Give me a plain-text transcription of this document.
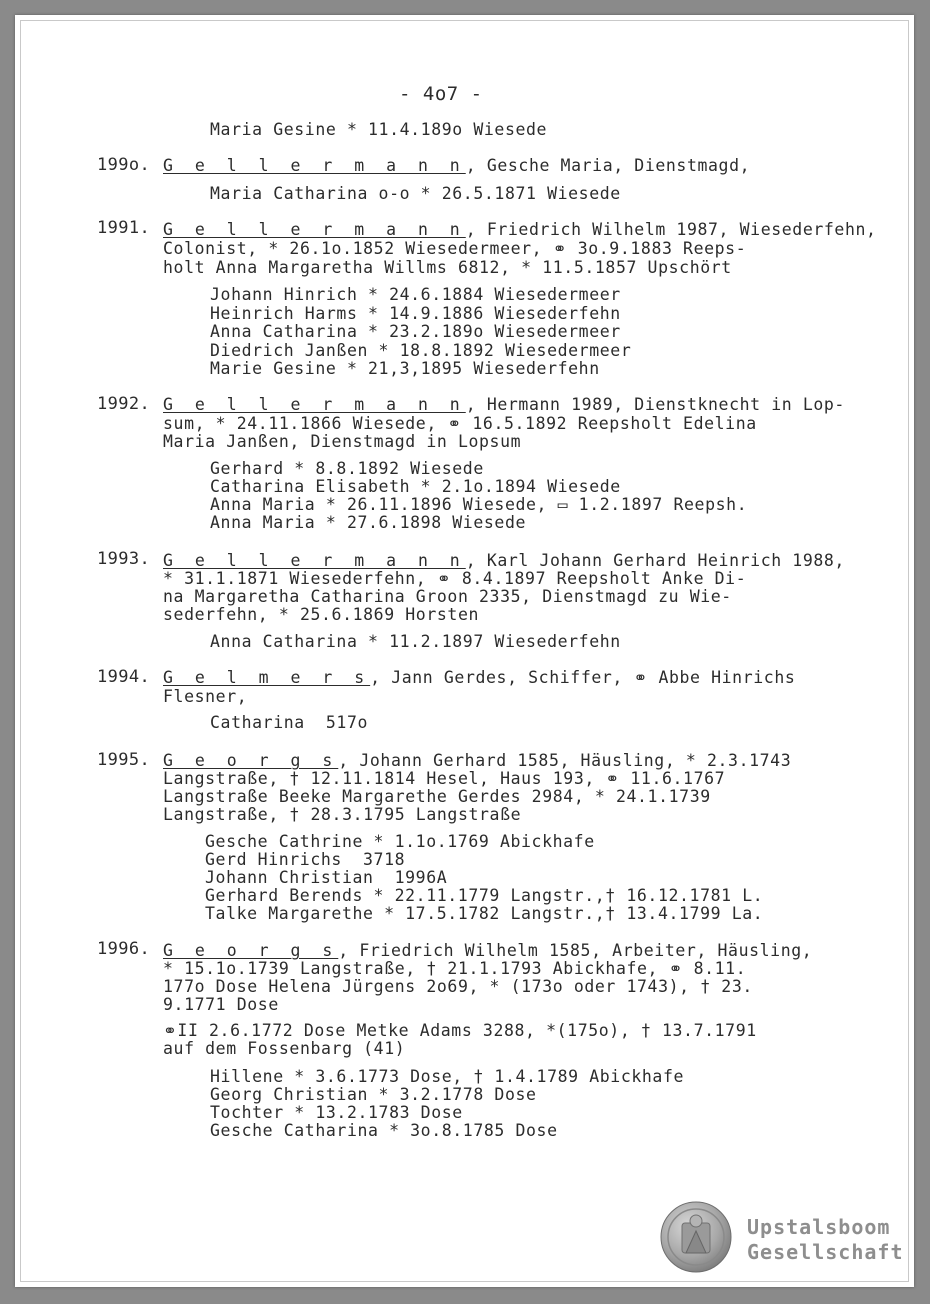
- 4o7 -
Maria Gesine * 11.4.189o Wiesede
199o. G e l l e r m a n n, Gesche Maria, Dienstmagd,
Maria Catharina o-o * 26.5.1871 Wiesede
1991. G e l l e r m a n n, Friedrich Wilhelm 1987, Wiesederfehn,
Colonist, * 26.1o.1852 Wiesedermeer, ⚭ 3o.9.1883 Reeps-
holt Anna Margaretha Willms 6812, * 11.5.1857 Upschört
Johann Hinrich * 24.6.1884 Wiesedermeer
Heinrich Harms * 14.9.1886 Wiesederfehn
Anna Catharina * 23.2.189o Wiesedermeer
Diedrich Janßen * 18.8.1892 Wiesedermeer
Marie Gesine * 21,3,1895 Wiesederfehn
1992. G e l l e r m a n n, Hermann 1989, Dienstknecht in Lop-
sum, * 24.11.1866 Wiesede, ⚭ 16.5.1892 Reepsholt Edelina
Maria Janßen, Dienstmagd in Lopsum
Gerhard * 8.8.1892 Wiesede
Catharina Elisabeth * 2.1o.1894 Wiesede
Anna Maria * 26.11.1896 Wiesede, ▭ 1.2.1897 Reepsh.
Anna Maria * 27.6.1898 Wiesede
1993. G e l l e r m a n n, Karl Johann Gerhard Heinrich 1988,
* 31.1.1871 Wiesederfehn, ⚭ 8.4.1897 Reepsholt Anke Di-
na Margaretha Catharina Groon 2335, Dienstmagd zu Wie-
sederfehn, * 25.6.1869 Horsten
Anna Catharina * 11.2.1897 Wiesederfehn
1994. G e l m e r s, Jann Gerdes, Schiffer, ⚭ Abbe Hinrichs
Flesner,
Catharina  517o
1995. G e o r g s, Johann Gerhard 1585, Häusling, * 2.3.1743
Langstraße, † 12.11.1814 Hesel, Haus 193, ⚭ 11.6.1767
Langstraße Beeke Margarethe Gerdes 2984, * 24.1.1739
Langstraße, † 28.3.1795 Langstraße
Gesche Cathrine * 1.1o.1769 Abickhafe
Gerd Hinrichs  3718
Johann Christian  1996A
Gerhard Berends * 22.11.1779 Langstr.,† 16.12.1781 L.
Talke Margarethe * 17.5.1782 Langstr.,† 13.4.1799 La.
1996. G e o r g s, Friedrich Wilhelm 1585, Arbeiter, Häusling,
* 15.1o.1739 Langstraße, † 21.1.1793 Abickhafe, ⚭ 8.11.
177o Dose Helena Jürgens 2o69, * (173o oder 1743), † 23.
9.1771 Dose
⚭II 2.6.1772 Dose Metke Adams 3288, *(175o), † 13.7.1791
auf dem Fossenbarg (41)
Hillene * 3.6.1773 Dose, † 1.4.1789 Abickhafe
Georg Christian * 3.2.1778 Dose
Tochter * 13.2.1783 Dose
Gesche Catharina * 3o.8.1785 Dose
Upstalsboom
Gesellschaft
